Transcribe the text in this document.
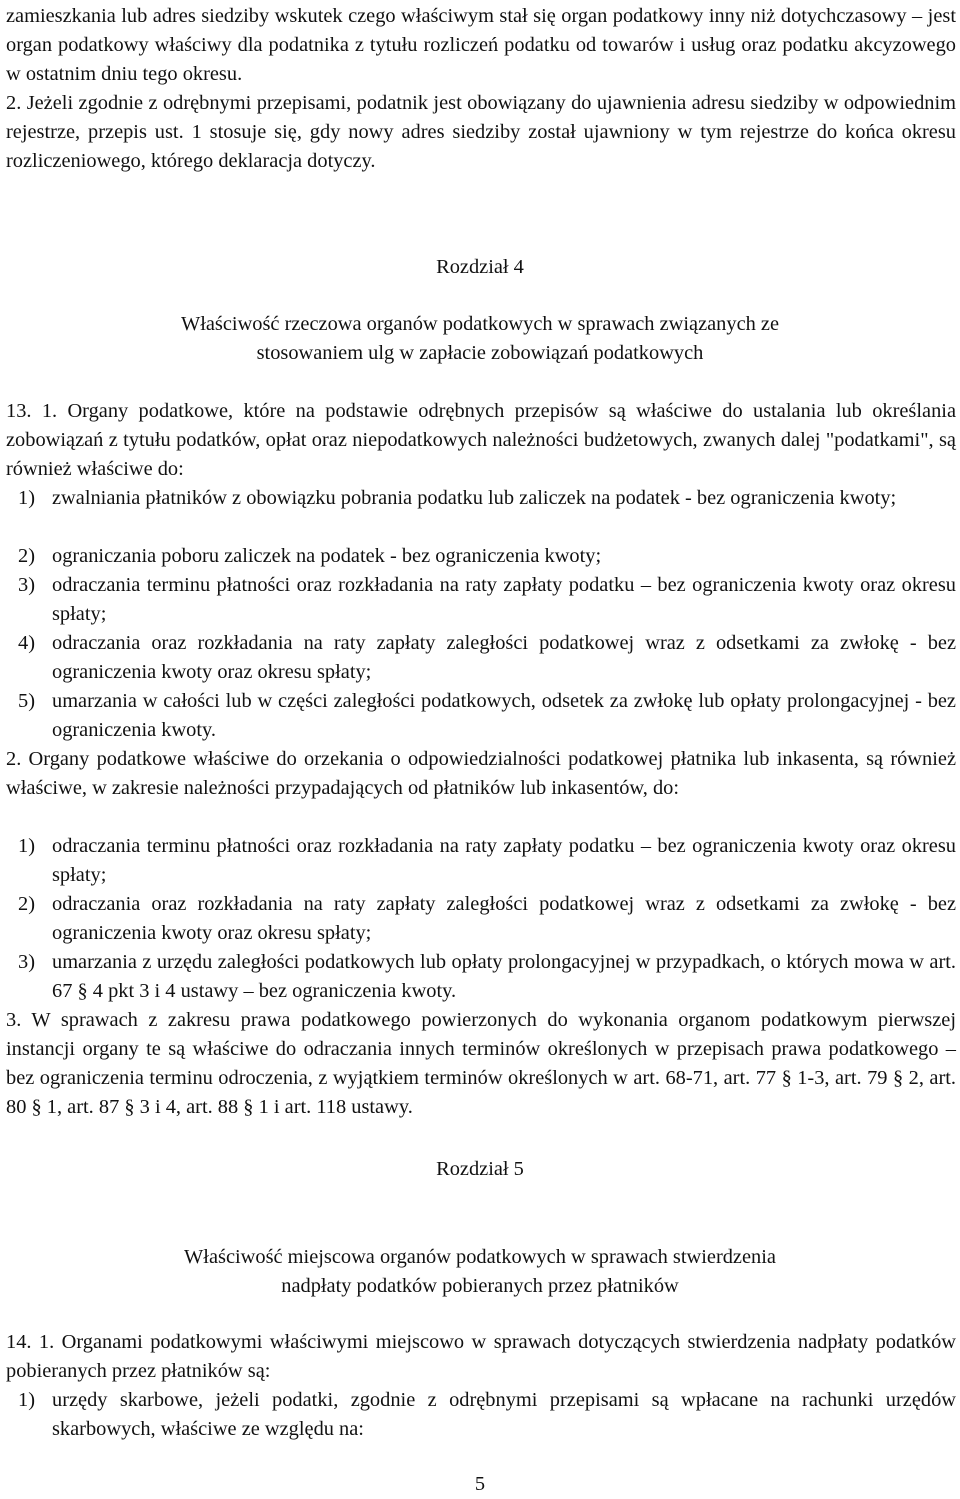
zamieszkania lub adres siedziby wskutek czego właściwym stał się organ podatkowy inny niż dotychczasowy – jest organ podatkowy właściwy dla podatnika z tytułu rozliczeń podatku od towarów i usług oraz podatku akcyzowego w ostatnim dniu tego okresu.
2. Jeżeli zgodnie z odrębnymi przepisami, podatnik jest obowiązany do ujawnienia adresu siedziby w odpowiednim rejestrze, przepis ust. 1 stosuje się, gdy nowy adres siedziby został ujawniony w tym rejestrze do końca okresu rozliczeniowego, którego deklaracja dotyczy.
Rozdział 4
Właściwość rzeczowa organów podatkowych w sprawach związanych ze stosowaniem ulg w zapłacie zobowiązań podatkowych
13. 1. Organy podatkowe, które na podstawie odrębnych przepisów są właściwe do ustalania lub określania zobowiązań z tytułu podatków, opłat oraz niepodatkowych należności budżetowych, zwanych dalej "podatkami", są również właściwe do:
1) zwalniania płatników z obowiązku pobrania podatku lub zaliczek na podatek - bez ograniczenia kwoty;
2) ograniczania poboru zaliczek na podatek - bez ograniczenia kwoty;
3) odraczania terminu płatności oraz rozkładania na raty zapłaty podatku – bez ograniczenia kwoty oraz okresu spłaty;
4) odraczania oraz rozkładania na raty zapłaty zaległości podatkowej wraz z odsetkami za zwłokę - bez ograniczenia kwoty oraz okresu spłaty;
5) umarzania w całości lub w części zaległości podatkowych, odsetek za zwłokę lub opłaty prolongacyjnej - bez ograniczenia kwoty.
2. Organy podatkowe właściwe do orzekania o odpowiedzialności podatkowej płatnika lub inkasenta, są również właściwe, w zakresie należności przypadających od płatników lub inkasentów, do:
1) odraczania terminu płatności oraz rozkładania na raty zapłaty podatku – bez ograniczenia kwoty oraz okresu spłaty;
2) odraczania oraz rozkładania na raty zapłaty zaległości podatkowej wraz z odsetkami za zwłokę - bez ograniczenia kwoty oraz okresu spłaty;
3) umarzania z urzędu zaległości podatkowych lub opłaty prolongacyjnej w przypadkach, o których mowa w art. 67 § 4 pkt 3 i 4 ustawy – bez ograniczenia kwoty.
3. W sprawach z zakresu prawa podatkowego powierzonych do wykonania organom podatkowym pierwszej instancji organy te są właściwe do odraczania innych terminów określonych w przepisach prawa podatkowego – bez ograniczenia terminu odroczenia, z wyjątkiem terminów określonych w art. 68-71, art. 77 § 1-3, art. 79 § 2, art. 80 § 1, art. 87 § 3 i 4, art. 88 § 1 i art. 118 ustawy.
Rozdział 5
Właściwość miejscowa organów podatkowych w sprawach stwierdzenia nadpłaty podatków pobieranych przez płatników
14. 1. Organami podatkowymi właściwymi miejscowo w sprawach dotyczących stwierdzenia nadpłaty podatków pobieranych przez płatników są:
1) urzędy skarbowe, jeżeli podatki, zgodnie z odrębnymi przepisami są wpłacane na rachunki urzędów skarbowych, właściwe ze względu na:
5
